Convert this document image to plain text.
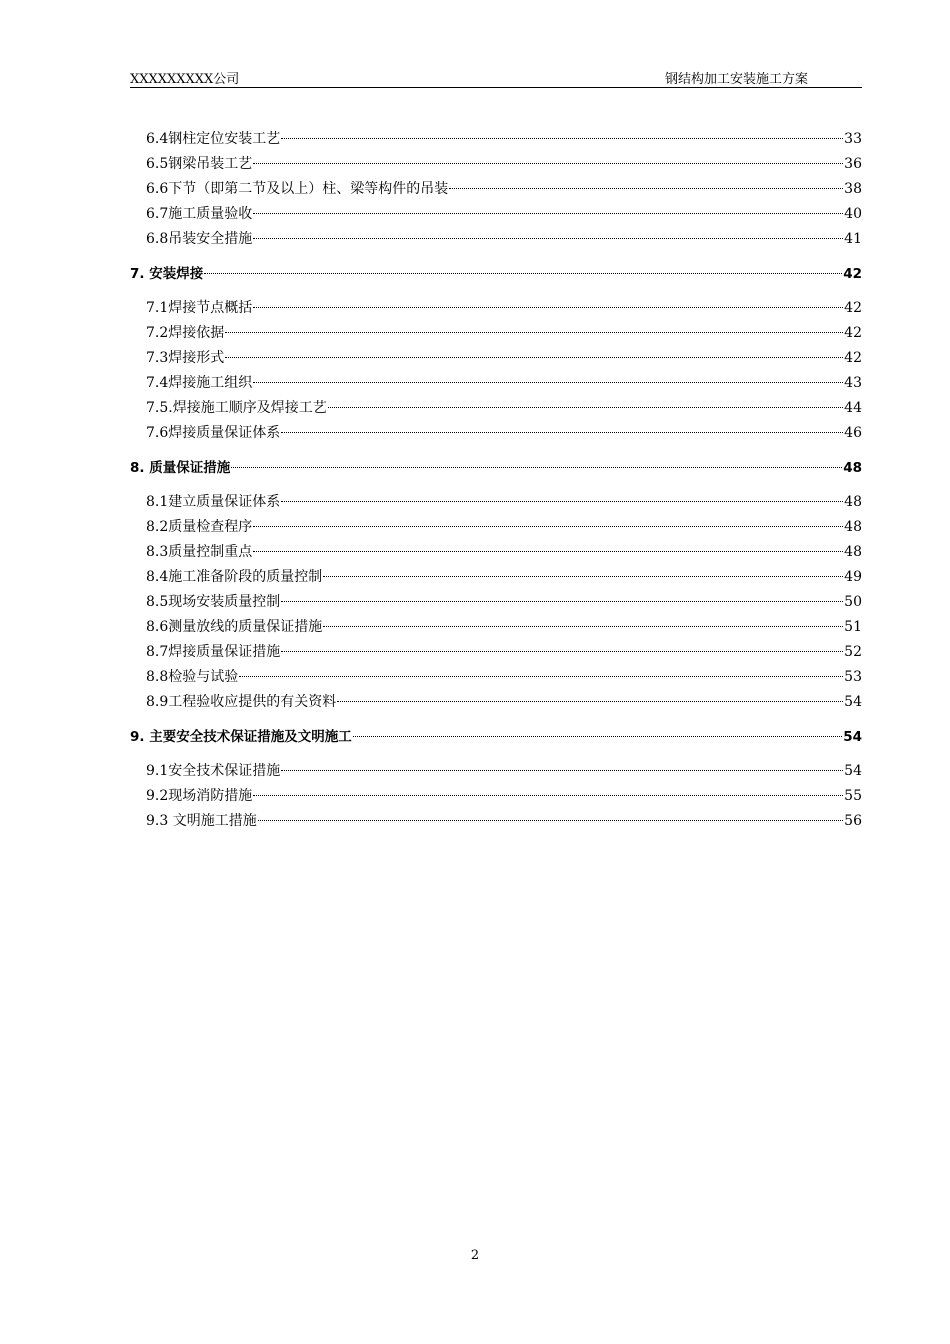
XXXXXXXXX公司	钢结构加工安装施工方案
6.4钢柱定位安装工艺	33
6.5钢梁吊装工艺	36
6.6下节（即第二节及以上）柱、梁等构件的吊装	38
6.7施工质量验收	40
6.8吊装安全措施	41
7. 安装焊接	42
7.1焊接节点概括	42
7.2焊接依据	42
7.3焊接形式	42
7.4焊接施工组织	43
7.5.焊接施工顺序及焊接工艺	44
7.6焊接质量保证体系	46
8. 质量保证措施	48
8.1建立质量保证体系	48
8.2质量检查程序	48
8.3质量控制重点	48
8.4施工准备阶段的质量控制	49
8.5现场安装质量控制	50
8.6测量放线的质量保证措施	51
8.7焊接质量保证措施	52
8.8检验与试验	53
8.9工程验收应提供的有关资料	54
9. 主要安全技术保证措施及文明施工	54
9.1安全技术保证措施	54
9.2现场消防措施	55
9.3 文明施工措施	56
2
